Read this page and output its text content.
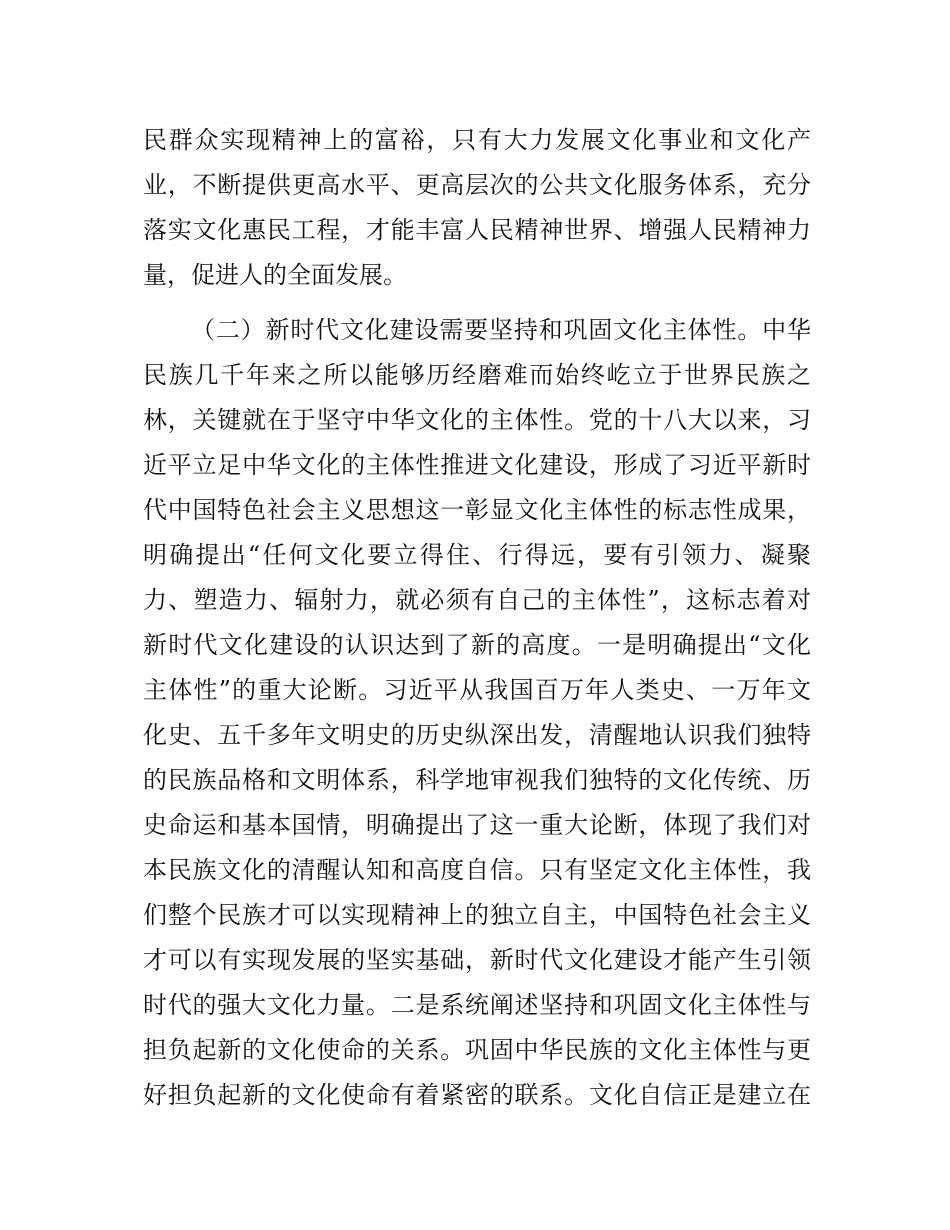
民群众实现精神上的富裕，只有大力发展文化事业和文化产
业，不断提供更高水平、更高层次的公共文化服务体系，充分
落实文化惠民工程，才能丰富人民精神世界、增强人民精神力
量，促进人的全面发展。
（二）新时代文化建设需要坚持和巩固文化主体性。中华
民族几千年来之所以能够历经磨难而始终屹立于世界民族之
林，关键就在于坚守中华文化的主体性。党的十八大以来，习
近平立足中华文化的主体性推进文化建设，形成了习近平新时
代中国特色社会主义思想这一彰显文化主体性的标志性成果，
明确提出“任何文化要立得住、行得远，要有引领力、凝聚
力、塑造力、辐射力，就必须有自己的主体性”，这标志着对
新时代文化建设的认识达到了新的高度。一是明确提出“文化
主体性”的重大论断。习近平从我国百万年人类史、一万年文
化史、五千多年文明史的历史纵深出发，清醒地认识我们独特
的民族品格和文明体系，科学地审视我们独特的文化传统、历
史命运和基本国情，明确提出了这一重大论断，体现了我们对
本民族文化的清醒认知和高度自信。只有坚定文化主体性，我
们整个民族才可以实现精神上的独立自主，中国特色社会主义
才可以有实现发展的坚实基础，新时代文化建设才能产生引领
时代的强大文化力量。二是系统阐述坚持和巩固文化主体性与
担负起新的文化使命的关系。巩固中华民族的文化主体性与更
好担负起新的文化使命有着紧密的联系。文化自信正是建立在
